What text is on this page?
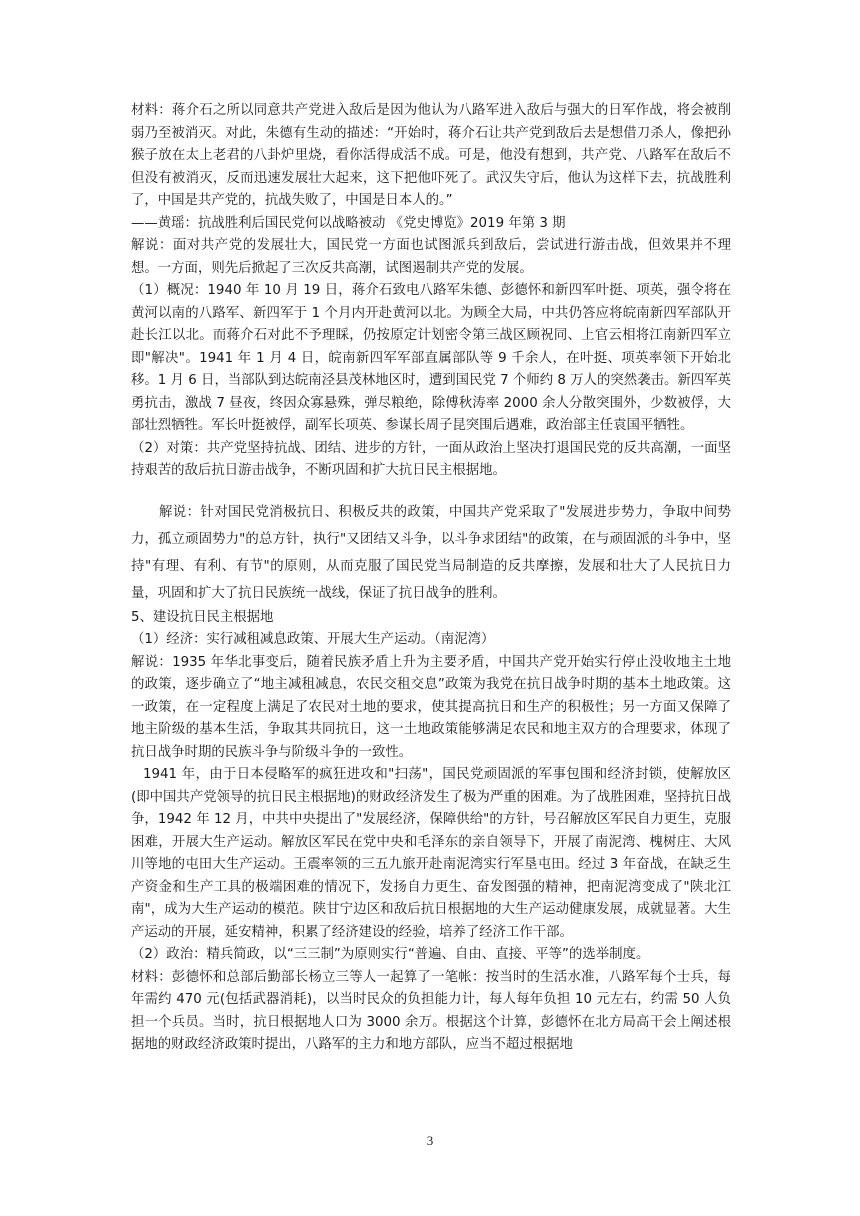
材料：蒋介石之所以同意共产党进入敌后是因为他认为八路军进入敌后与强大的日军作战，将会被削弱乃至被消灭。对此，朱德有生动的描述：“开始时，蒋介石让共产党到敌后去是想借刀杀人，像把孙猴子放在太上老君的八卦炉里烧，看你活得成活不成。可是，他没有想到，共产党、八路军在敌后不但没有被消灭，反而迅速发展壮大起来，这下把他吓死了。武汉失守后，他认为这样下去，抗战胜利了，中国是共产党的，抗战失败了，中国是日本人的。”

——黄瑶：抗战胜利后国民党何以战略被动 《党史博览》2019 年第 3 期

解说：面对共产党的发展壮大，国民党一方面也试图派兵到敌后，尝试进行游击战，但效果并不理想。一方面，则先后掀起了三次反共高潮，试图遏制共产党的发展。

（1）概况：1940 年 10 月 19 日，蒋介石致电八路军朱德、彭德怀和新四军叶挺、项英，强令将在黄河以南的八路军、新四军于 1 个月内开赴黄河以北。为顾全大局，中共仍答应将皖南新四军部队开赴长江以北。而蒋介石对此不予理睬，仍按原定计划密令第三战区顾祝同、上官云相将江南新四军立即"解决"。1941 年 1 月 4 日，皖南新四军军部直属部队等 9 千余人，在叶挺、项英率领下开始北移。1 月 6 日，当部队到达皖南泾县茂林地区时，遭到国民党 7 个师约 8 万人的突然袭击。新四军英勇抗击，激战 7 昼夜，终因众寡悬殊，弹尽粮绝，除傅秋涛率 2000 余人分散突围外，少数被俘，大部壮烈牺牲。军长叶挺被俘，副军长项英、参谋长周子昆突围后遇难，政治部主任袁国平牺牲。

（2）对策：共产党坚持抗战、团结、进步的方针，一面从政治上坚决打退国民党的反共高潮，一面坚持艰苦的敌后抗日游击战争，不断巩固和扩大抗日民主根据地。

解说：针对国民党消极抗日、积极反共的政策，中国共产党采取了"发展进步势力，争取中间势力，孤立顽固势力"的总方针，执行"又团结又斗争，以斗争求团结"的政策，在与顽固派的斗争中，坚持"有理、有利、有节"的原则，从而克服了国民党当局制造的反共摩擦，发展和壮大了人民抗日力量，巩固和扩大了抗日民族统一战线，保证了抗日战争的胜利。

5、建设抗日民主根据地

（1）经济：实行减租减息政策、开展大生产运动。（南泥湾）

解说：1935 年华北事变后，随着民族矛盾上升为主要矛盾，中国共产党开始实行停止没收地主土地的政策，逐步确立了“地主减租减息，农民交租交息”政策为我党在抗日战争时期的基本土地政策。这一政策，在一定程度上满足了农民对土地的要求，使其提高抗日和生产的积极性；另一方面又保障了地主阶级的基本生活，争取其共同抗日，这一土地政策能够满足农民和地主双方的合理要求，体现了抗日战争时期的民族斗争与阶级斗争的一致性。

1941 年，由于日本侵略军的疯狂进攻和"扫荡"，国民党顽固派的军事包围和经济封锁，使解放区(即中国共产党领导的抗日民主根据地)的财政经济发生了极为严重的困难。为了战胜困难，坚持抗日战争，1942 年 12 月，中共中央提出了"发展经济，保障供给"的方针，号召解放区军民自力更生，克服困难，开展大生产运动。解放区军民在党中央和毛泽东的亲自领导下，开展了南泥湾、槐树庄、大风川等地的屯田大生产运动。王震率领的三五九旅开赴南泥湾实行军垦屯田。经过 3 年奋战，在缺乏生产资金和生产工具的极端困难的情况下，发扬自力更生、奋发图强的精神，把南泥湾变成了"陕北江南"，成为大生产运动的模范。陕甘宁边区和敌后抗日根据地的大生产运动健康发展，成就显著。大生产运动的开展，延安精神，积累了经济建设的经验，培养了经济工作干部。

（2）政治：精兵简政，以“三三制”为原则实行“普遍、自由、直接、平等”的选举制度。

材料：彭德怀和总部后勤部长杨立三等人一起算了一笔帐：按当时的生活水准，八路军每个士兵，每年需约 470 元(包括武器消耗)，以当时民众的负担能力计，每人每年负担 10 元左右，约需 50 人负担一个兵员。当时，抗日根据地人口为 3000 余万。根据这个计算，彭德怀在北方局高干会上阐述根据地的财政经济政策时提出，八路军的主力和地方部队，应当不超过根据地

3
